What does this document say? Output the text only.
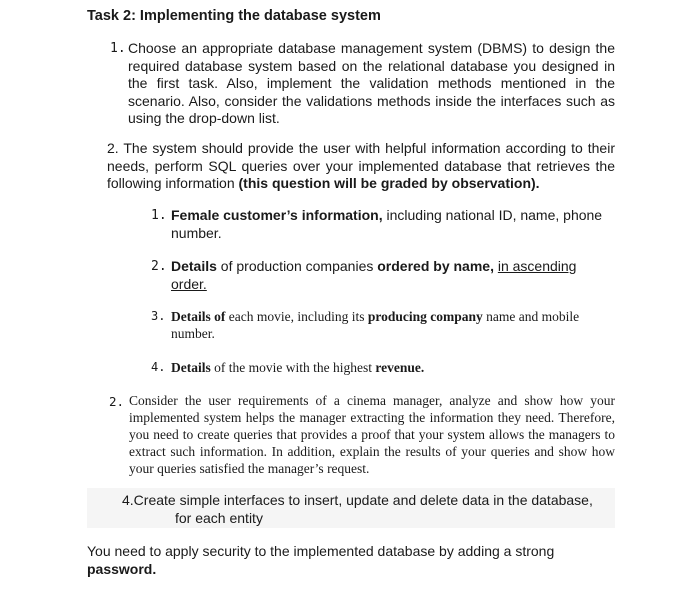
Task 2: Implementing the database system
1. Choose an appropriate database management system (DBMS) to design the required database system based on the relational database you designed in the first task. Also, implement the validation methods mentioned in the scenario. Also, consider the validations methods inside the interfaces such as using the drop-down list.
2. The system should provide the user with helpful information according to their needs, perform SQL queries over your implemented database that retrieves the following information (this question will be graded by observation).
1. Female customer’s information, including national ID, name, phone number.
2. Details of production companies ordered by name, in ascending order.
3. Details of each movie, including its producing company name and mobile number.
4. Details of the movie with the highest revenue.
2. Consider the user requirements of a cinema manager, analyze and show how your implemented system helps the manager extracting the information they need. Therefore, you need to create queries that provides a proof that your system allows the managers to extract such information. In addition, explain the results of your queries and show how your queries satisfied the manager’s request.
4.Create simple interfaces to insert, update and delete data in the database,
for each entity
You need to apply security to the implemented database by adding a strong password.
